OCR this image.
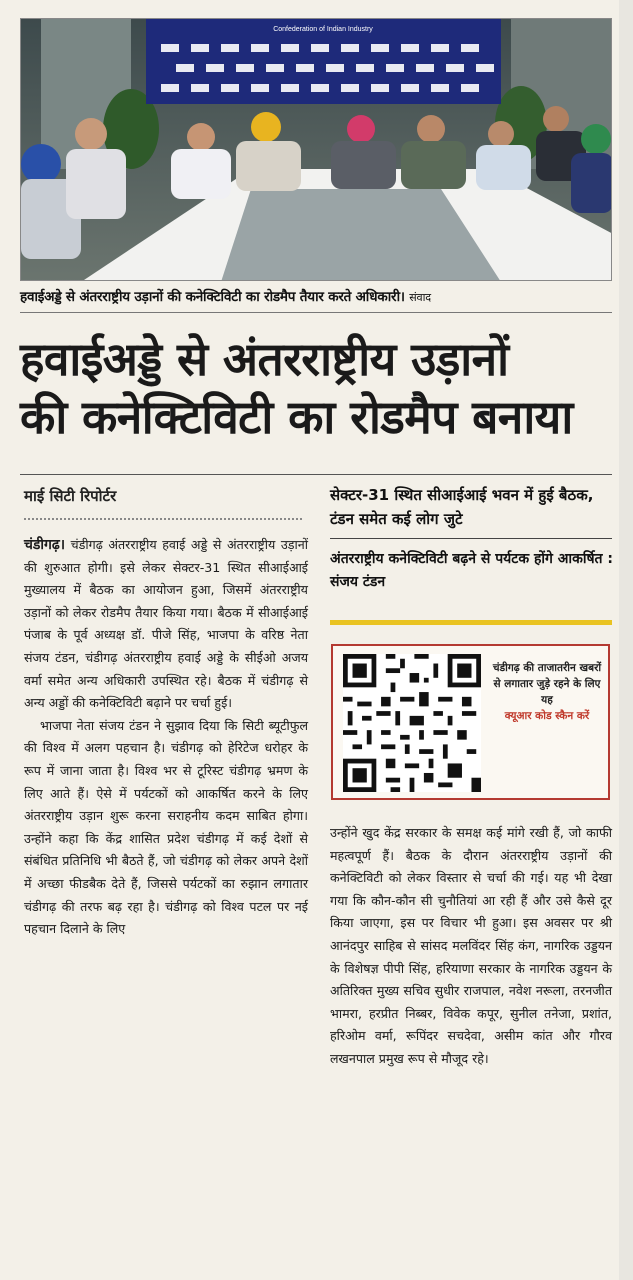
Confederation of Indian Industry
हवाईअड्डे से अंतरराष्ट्रीय उड़ानों की कनेक्टिविटी का रोडमैप तैयार करते अधिकारी। संवाद
हवाईअड्डे से अंतरराष्ट्रीय उड़ानों
की कनेक्टिविटी का रोडमैप बनाया
माई सिटी रिपोर्टर	सेक्टर-31 स्थित सीआईआई भवन में हुई बैठक, टंडन समेत कई लोग जुटे
अंतरराष्ट्रीय कनेक्टिविटी बढ़ने से पर्यटक होंगे आकर्षित : संजय टंडन
चंडीगढ़ की ताजातरीन खबरों से लगातार जुड़े रहने के लिए यह
क्यूआर कोड स्कैन करें

चंडीगढ़। चंडीगढ़ अंतरराष्ट्रीय हवाई अड्डे से अंतरराष्ट्रीय उड़ानों की शुरुआत होगी। इसे लेकर सेक्टर-31 स्थित सीआईआई मुख्यालय में बैठक का आयोजन हुआ, जिसमें अंतरराष्ट्रीय उड़ानों को लेकर रोडमैप तैयार किया गया। बैठक में सीआईआई पंजाब के पूर्व अध्यक्ष डॉ. पीजे सिंह, भाजपा के वरिष्ठ नेता संजय टंडन, चंडीगढ़ अंतरराष्ट्रीय हवाई अड्डे के सीईओ अजय वर्मा समेत अन्य अधिकारी उपस्थित रहे। बैठक में चंडीगढ़ से अन्य अड्डों की कनेक्टिविटी बढ़ाने पर चर्चा हुई।

भाजपा नेता संजय टंडन ने सुझाव दिया कि सिटी ब्यूटीफुल की विश्व में अलग पहचान है। चंडीगढ़ को हेरिटेज धरोहर के रूप में जाना जाता है। विश्व भर से टूरिस्ट चंडीगढ़ भ्रमण के लिए आते हैं। ऐसे में पर्यटकों को आकर्षित करने के लिए अंतरराष्ट्रीय उड़ान शुरू करना सराहनीय कदम साबित होगा। उन्होंने कहा कि केंद्र शासित प्रदेश चंडीगढ़ में कई देशों से संबंधित प्रतिनिधि भी बैठते हैं, जो चंडीगढ़ को लेकर अपने देशों में अच्छा फीडबैक देते हैं, जिससे पर्यटकों का रुझान लगातार चंडीगढ़ की तरफ बढ़ रहा है। चंडीगढ़ को विश्व पटल पर नई पहचान दिलाने के लिए

उन्होंने खुद केंद्र सरकार के समक्ष कई मांगे रखी हैं, जो काफी महत्वपूर्ण हैं। बैठक के दौरान अंतरराष्ट्रीय उड़ानों की कनेक्टिविटी को लेकर विस्तार से चर्चा की गई। यह भी देखा गया कि कौन-कौन सी चुनौतियां आ रही हैं और उसे कैसे दूर किया जाएगा, इस पर विचार भी हुआ। इस अवसर पर श्री आनंदपुर साहिब से सांसद मलविंदर सिंह कंग, नागरिक उड्डयन के विशेषज्ञ पीपी सिंह, हरियाणा सरकार के नागरिक उड्डयन के अतिरिक्त मुख्य सचिव सुधीर राजपाल, नवेश नरूला, तरनजीत भामरा, हरप्रीत निब्बर, विवेक कपूर, सुनील तनेजा, प्रशांत, हरिओम वर्मा, रूपिंदर सचदेवा, असीम कांत और गौरव लखनपाल प्रमुख रूप से मौजूद रहे।
